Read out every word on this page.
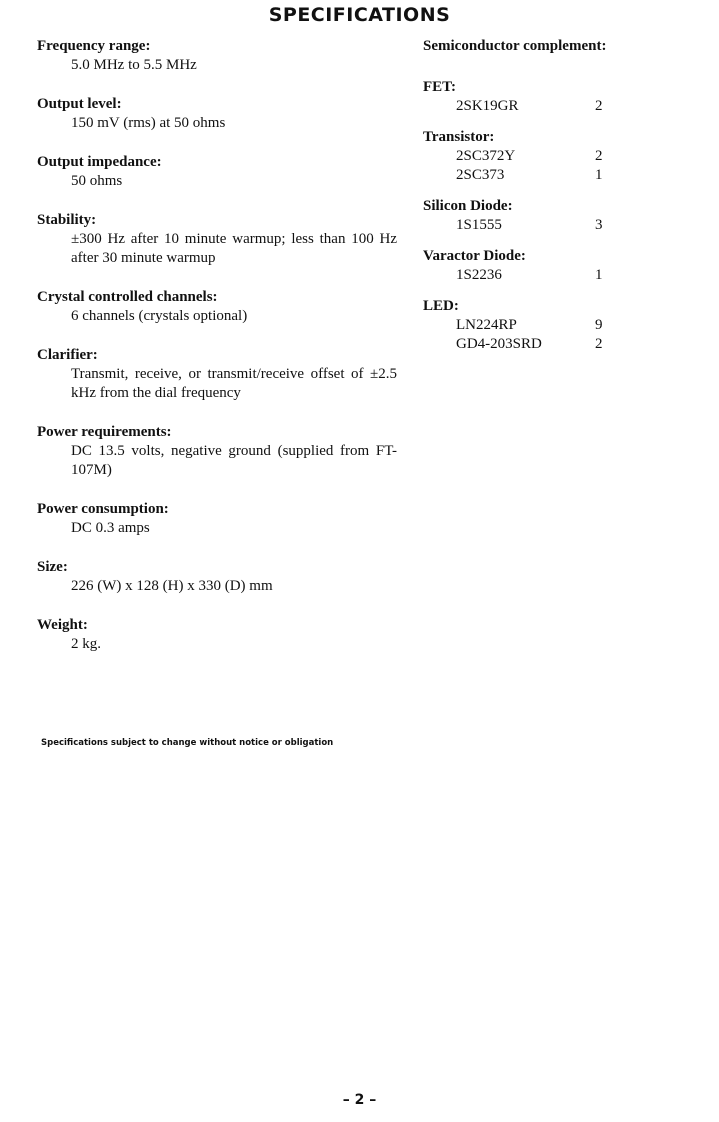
SPECIFICATIONS
Frequency range:
5.0 MHz to 5.5 MHz
Output level:
150 mV (rms) at 50 ohms
Output impedance:
50 ohms
Stability:
±300 Hz after 10 minute warmup; less than 100 Hz after 30 minute warmup
Crystal controlled channels:
6 channels (crystals optional)
Clarifier:
Transmit, receive, or transmit/receive offset of ±2.5 kHz from the dial frequency
Power requirements:
DC 13.5 volts, negative ground (supplied from FT-107M)
Power consumption:
DC 0.3 amps
Size:
226 (W) x 128 (H) x 330 (D) mm
Weight:
2 kg.
Semiconductor complement:
FET:
2SK19GR	2
Transistor:
2SC372Y	2
2SC373	1
Silicon Diode:
1S1555	3
Varactor Diode:
1S2236	1
LED:
LN224RP	9
GD4-203SRD	2
Specifications subject to change without notice or obligation
– 2 –
